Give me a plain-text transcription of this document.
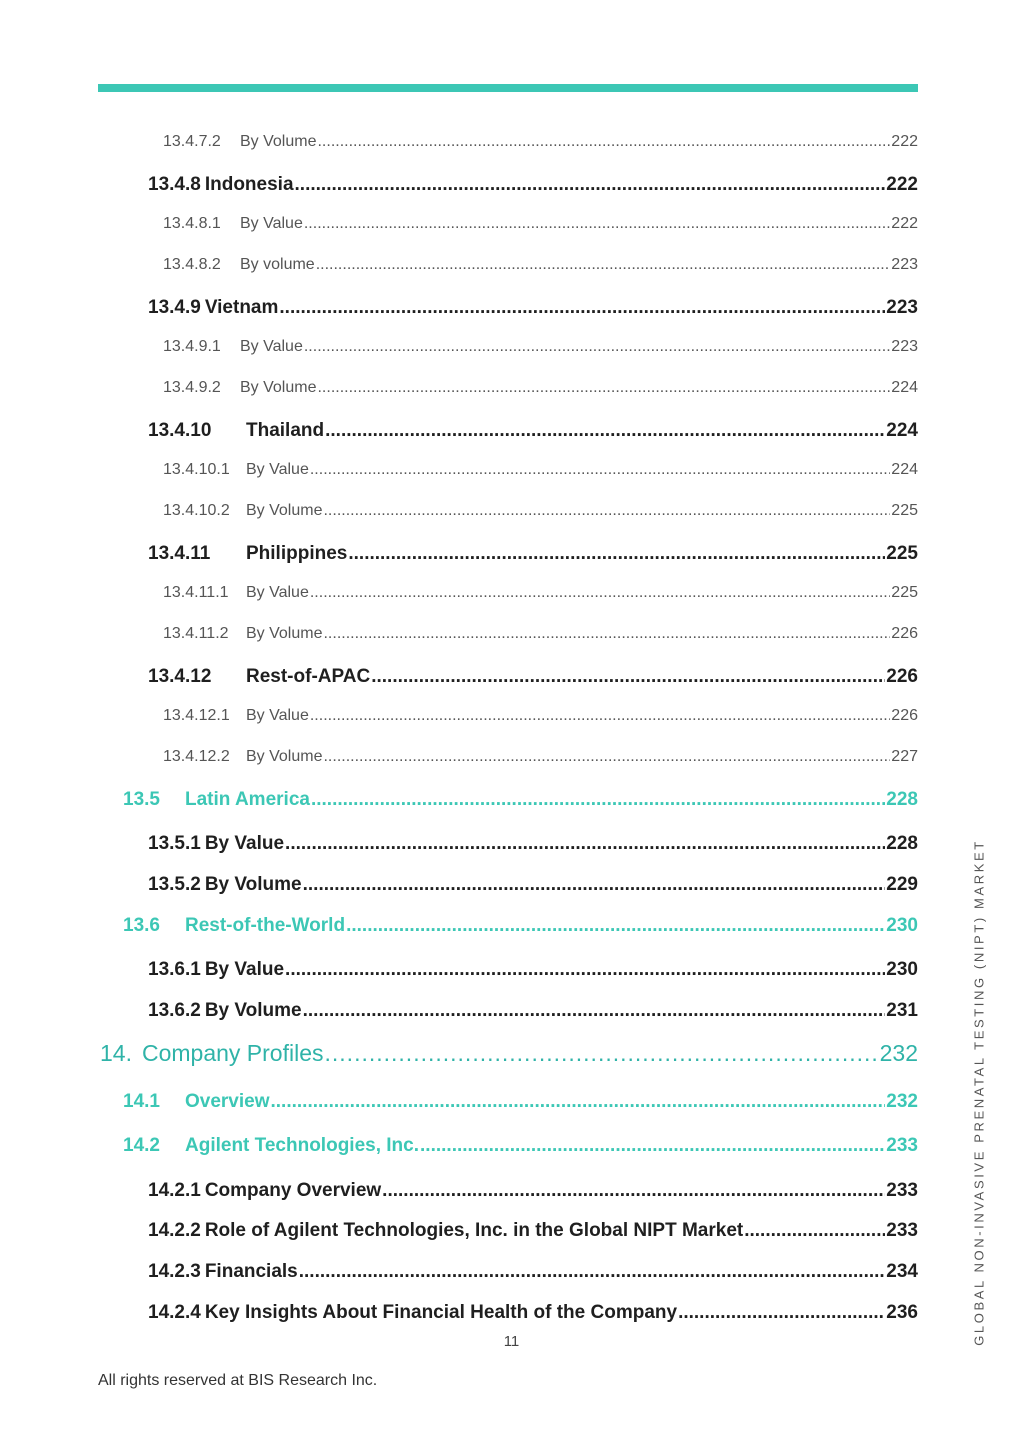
13.4.7.2	By Volume .....	222
13.4.8 Indonesia .....	222
13.4.8.1	By Value .....	222
13.4.8.2	By volume .....	223
13.4.9 Vietnam .....	223
13.4.9.1	By Value .....	223
13.4.9.2	By Volume .....	224
13.4.10	Thailand .....	224
13.4.10.1	By Value .....	224
13.4.10.2	By Volume .....	225
13.4.11	Philippines .....	225
13.4.11.1	By Value .....	225
13.4.11.2	By Volume .....	226
13.4.12	Rest-of-APAC .....	226
13.4.12.1	By Value .....	226
13.4.12.2	By Volume .....	227
13.5	Latin America .....	228
13.5.1 By Value .....	228
13.5.2 By Volume .....	229
13.6	Rest-of-the-World .....	230
13.6.1 By Value .....	230
13.6.2 By Volume .....	231
14. Company Profiles .....	232
14.1	Overview .....	232
14.2	Agilent Technologies, Inc. .....	233
14.2.1 Company Overview .....	233
14.2.2 Role of Agilent Technologies, Inc. in the Global NIPT Market .....	233
14.2.3 Financials .....	234
14.2.4 Key Insights About Financial Health of the Company .....	236
11
All rights reserved at BIS Research Inc.
GLOBAL NON-INVASIVE PRENATAL TESTING (NIPT) MARKET
